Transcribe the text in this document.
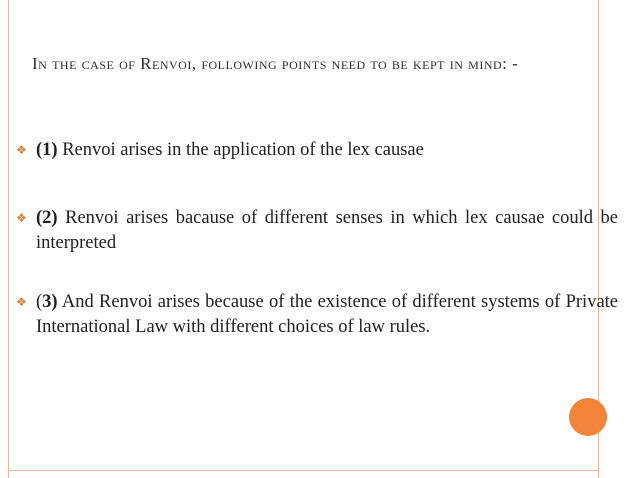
In the case of Renvoi, following points need to be kept in mind: -
❖ (1) Renvoi arises in the application of the lex causae
❖ (2) Renvoi arises bacause of different senses in which lex causae could be interpreted
❖ (3) And Renvoi arises because of the existence of different systems of Private International Law with different choices of law rules.
